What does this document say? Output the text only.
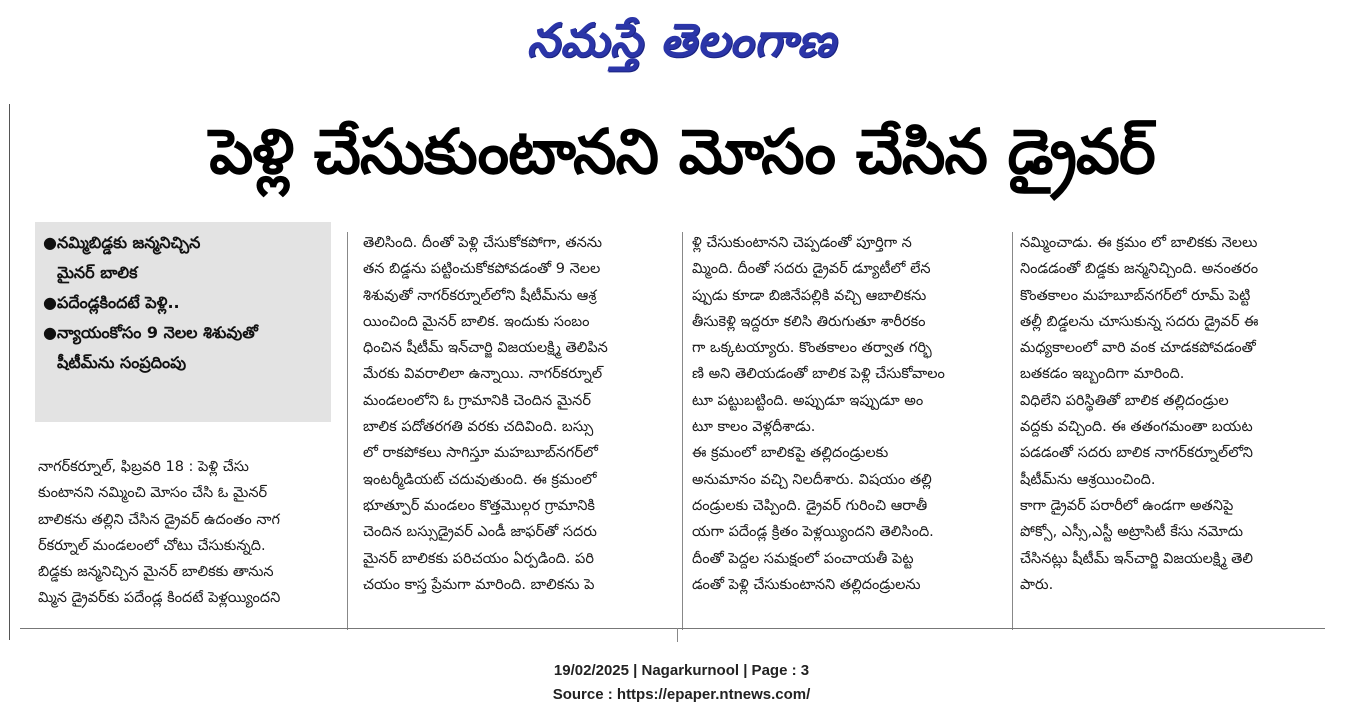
నమస్తే తెలంగాణ
పెళ్లి చేసుకుంటానని మోసం చేసిన డ్రైవర్
● నమ్మిబిడ్డకు జన్మనిచ్చిన
మైనర్ బాలిక
● పదేండ్లకిందటే పెళ్లి..
● న్యాయంకోసం 9 నెలల శిశువుతో
షీటీమ్‌ను సంప్రదింపు
నాగర్‌కర్నూల్, ఫిబ్రవరి 18 : పెళ్లి చేసు
కుంటానని నమ్మించి మోసం చేసి ఓ మైనర్
బాలికను తల్లిని చేసిన డ్రైవర్ ఉదంతం నాగ
ర్‌కర్నూల్ మండలంలో చోటు చేసుకున్నది.
బిడ్డకు జన్మనిచ్చిన మైనర్ బాలికకు తానున
మ్మిన డ్రైవర్‌కు పదేండ్ల కిందటే పెళ్లయ్యిందని
తెలిసింది. దీంతో పెళ్లి చేసుకోకపోగా, తనను
తన బిడ్డను పట్టించుకోకపోవడంతో 9 నెలల
శిశువుతో నాగర్‌కర్నూల్‌లోని షీటీమ్‌ను ఆశ్ర
యించింది మైనర్ బాలిక. ఇందుకు సంబం
ధించిన షీటీమ్ ఇన్‌చార్జి విజయలక్ష్మి తెలిపిన
మేరకు వివరాలిలా ఉన్నాయి. నాగర్‌కర్నూల్
మండలంలోని ఓ గ్రామానికి చెందిన మైనర్
బాలిక పదోతరగతి వరకు చదివింది. బస్సు
లో రాకపోకలు సాగిస్తూ మహబూబ్‌నగర్‌లో
ఇంటర్మీడియట్ చదువుతుంది. ఈ క్రమంలో
భూత్పూర్ మండలం కొత్తమొల్గర గ్రామానికి
చెందిన బస్సుడ్రైవర్ ఎండీ జాఫర్‌తో సదరు
మైనర్ బాలికకు పరిచయం ఏర్పడింది. పరి
చయం కాస్త ప్రేమగా మారింది. బాలికను పె
ళ్లి చేసుకుంటానని చెప్పడంతో పూర్తిగా న
మ్మింది. దీంతో సదరు డ్రైవర్ డ్యూటీలో లేన
ప్పుడు కూడా బిజినేపల్లికి వచ్చి ఆబాలికను
తీసుకెళ్లి ఇద్దరూ కలిసి తిరుగుతూ శారీరకం
గా ఒక్కటయ్యారు. కొంతకాలం తర్వాత గర్భి
ణి అని తెలియడంతో బాలిక పెళ్లి చేసుకోవాలం
టూ పట్టుబట్టింది. అప్పుడూ ఇప్పుడూ అం
టూ కాలం వెళ్లదీశాడు.
ఈ క్రమంలో బాలికపై తల్లిదండ్రులకు
అనుమానం వచ్చి నిలదీశారు. విషయం తల్లి
దండ్రులకు చెప్పింది. డ్రైవర్ గురించి ఆరాతీ
యగా పదేండ్ల క్రితం పెళ్లయ్యిందని తెలిసింది.
దీంతో పెద్దల సమక్షంలో పంచాయతీ పెట్ట
డంతో పెళ్లి చేసుకుంటానని తల్లిదండ్రులను
నమ్మించాడు. ఈ క్రమం లో బాలికకు నెలలు
నిండడంతో బిడ్డకు జన్మనిచ్చింది. అనంతరం
కొంతకాలం మహబూబ్‌నగర్‌లో రూమ్ పెట్టి
తల్లీ బిడ్డలను చూసుకున్న సదరు డ్రైవర్ ఈ
మధ్యకాలంలో వారి వంక చూడకపోవడంతో
బతకడం ఇబ్బందిగా మారింది.
విధిలేని పరిస్థితితో బాలిక తల్లిదండ్రుల
వద్దకు వచ్చింది. ఈ తతంగమంతా బయట
పడడంతో సదరు బాలిక నాగర్‌కర్నూల్‌లోని
షీటీమ్‌ను ఆశ్రయించింది.
కాగా డ్రైవర్ పరారీలో ఉండగా అతనిపై
పోక్సో, ఎస్సీ,ఎస్టీ అట్రాసిటీ కేసు నమోదు
చేసినట్లు షీటీమ్ ఇన్‌చార్జి విజయలక్ష్మి తెలి
పారు.
19/02/2025 | Nagarkurnool | Page : 3
Source : https://epaper.ntnews.com/
